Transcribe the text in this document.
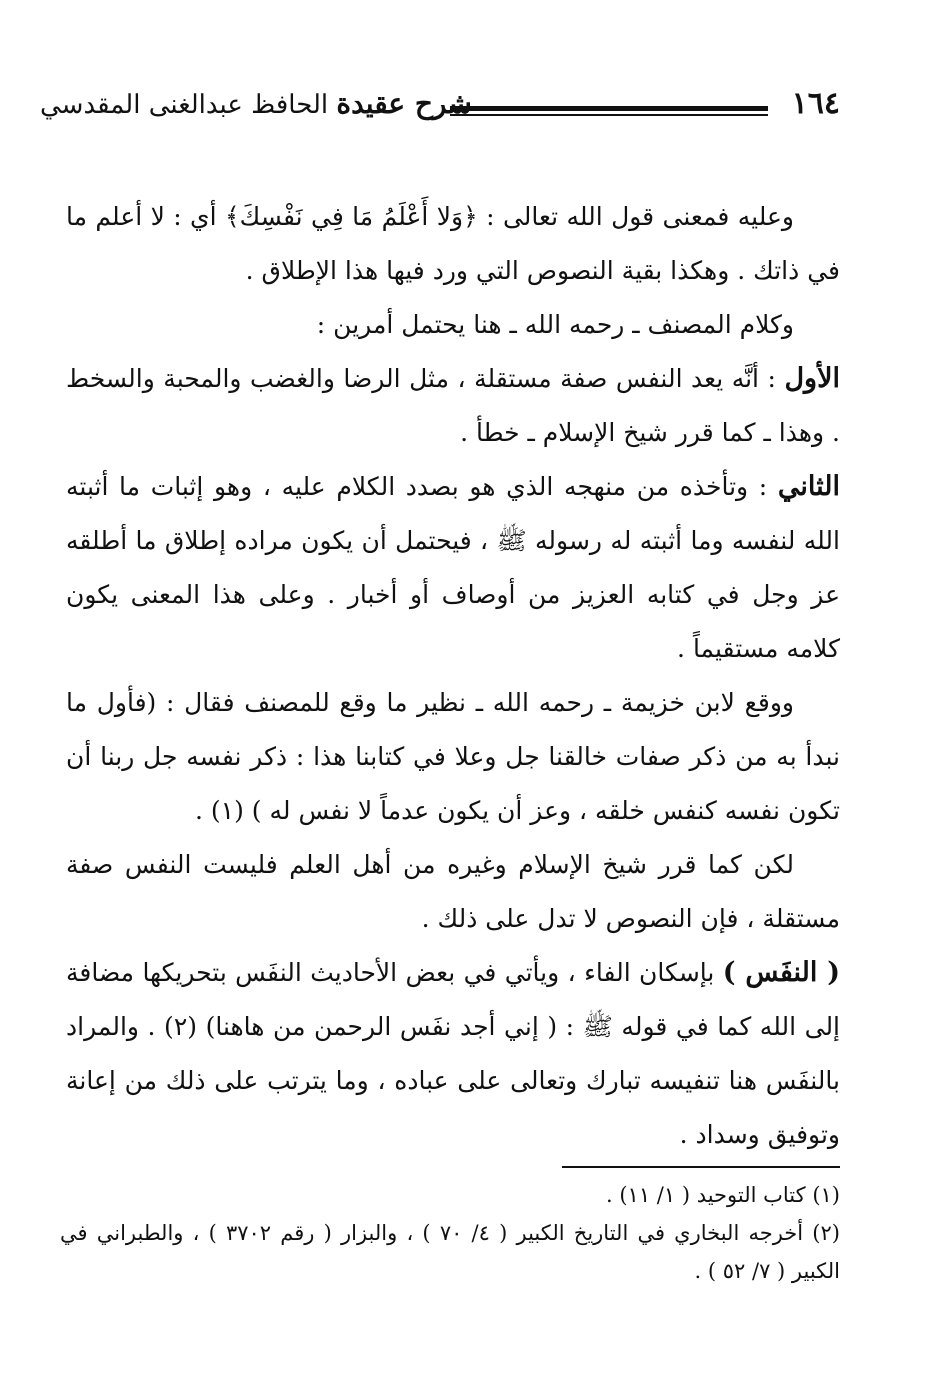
١٦٤
شرح عقيدة الحافظ عبدالغنى المقدسي

وعليه فمعنى قول الله تعالى : ﴿وَلا أَعْلَمُ مَا فِي نَفْسِكَ﴾ أي : لا أعلم ما في ذاتك . وهكذا بقية النصوص التي ورد فيها هذا الإطلاق .

وكلام المصنف ـ رحمه الله ـ هنا يحتمل أمرين :

الأول : أنَّه يعد النفس صفة مستقلة ، مثل الرضا والغضب والمحبة والسخط . وهذا ـ كما قرر شيخ الإسلام ـ خطأ .

الثاني : وتأخذه من منهجه الذي هو بصدد الكلام عليه ، وهو إثبات ما أثبته الله لنفسه وما أثبته له رسوله ﷺ ، فيحتمل أن يكون مراده إطلاق ما أطلقه عز وجل في كتابه العزيز من أوصاف أو أخبار . وعلى هذا المعنى يكون كلامه مستقيماً .

ووقع لابن خزيمة ـ رحمه الله ـ نظير ما وقع للمصنف فقال : (فأول ما نبدأ به من ذكر صفات خالقنا جل وعلا في كتابنا هذا : ذكر نفسه جل ربنا أن تكون نفسه كنفس خلقه ، وعز أن يكون عدماً لا نفس له ) (١) .

لكن كما قرر شيخ الإسلام وغيره من أهل العلم فليست النفس صفة مستقلة ، فإن النصوص لا تدل على ذلك .

( النفَس ) بإسكان الفاء ، ويأتي في بعض الأحاديث النفَس بتحريكها مضافة إلى الله كما في قوله ﷺ : ( إني أجد نفَس الرحمن من هاهنا) (٢) . والمراد بالنفَس هنا تنفيسه تبارك وتعالى على عباده ، وما يترتب على ذلك من إعانة وتوفيق وسداد .

(١) كتاب التوحيد ( ١/ ١١) .
(٢) أخرجه البخاري في التاريخ الكبير ( ٤/ ٧٠ ) ، والبزار ( رقم ٣٧٠٢ ) ، والطبراني في الكبير ( ٧/ ٥٢ ) .
